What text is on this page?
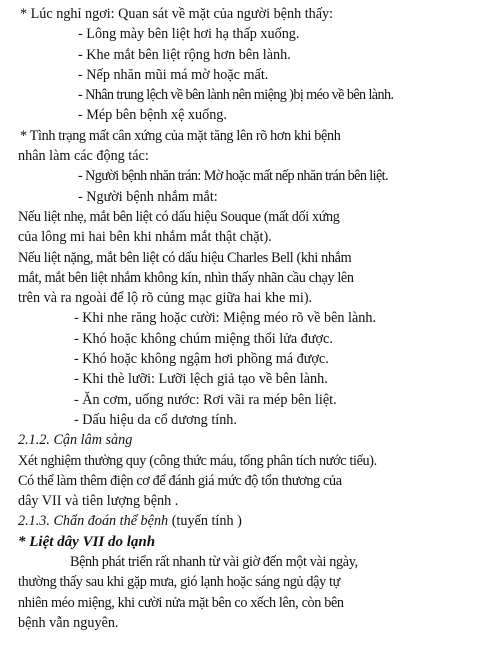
* Lúc nghỉ ngơi: Quan sát về mặt của người bệnh thấy:
- Lông mày bên liệt hơi hạ thấp xuống.
- Khe mắt bên liệt rộng hơn bên lành.
- Nếp nhăn mũi má mờ hoặc mất.
- Nhân trung lệch về bên lành nên miệng )bị méo về bên lành.
- Mép bên bệnh xệ xuống.
* Tình trạng mất cân xứng của mặt tăng lên rõ hơn khi bệnh
nhân làm các động tác:
- Người bệnh nhăn trán: Mờ hoặc mất nếp nhăn trán bên liệt.
- Người bệnh nhắm mắt:
Nếu liệt nhẹ, mắt bên liệt có dấu hiệu Souque (mất dối xứng
của lông mi hai bên khi nhắm mắt thật chặt).
Nếu liệt nặng, mắt bên liệt có dấu hiệu Charles Bell (khi nhắm
mắt, mắt bên liệt nhắm không kín, nhìn thấy nhãn cầu chạy lên
trên và ra ngoài để lộ rõ củng mạc giữa hai khe mi).
- Khi nhe răng hoặc cười: Miệng méo rõ về bên lành.
- Khó hoặc không chúm miệng thổi lửa được.
- Khó hoặc không ngậm hơi phồng má được.
- Khi thè lưỡi: Lưỡi lệch giả tạo về bên lành.
- Ăn cơm, uống nước: Rơi vãi ra mép bên liệt.
- Dấu hiệu da cổ dương tính.
2.1.2. Cận lâm sàng
Xét nghiệm thường quy (công thức máu, tổng phân tích nước tiểu).
Có thể làm thêm điện cơ để đánh giá mức độ tổn thương của
dây VII và tiên lượng bệnh .
2.1.3. Chẩn đoán thể bệnh (tuyến tính )
* Liệt dây VII do lạnh
Bệnh phát triển rất nhanh từ vài giờ đến một vài ngày,
thường thấy sau khi gặp mưa, gió lạnh hoặc sáng ngủ dậy tự
nhiên méo miệng, khi cười nửa mặt bên co xếch lên, còn bên
bệnh vẫn nguyên.
